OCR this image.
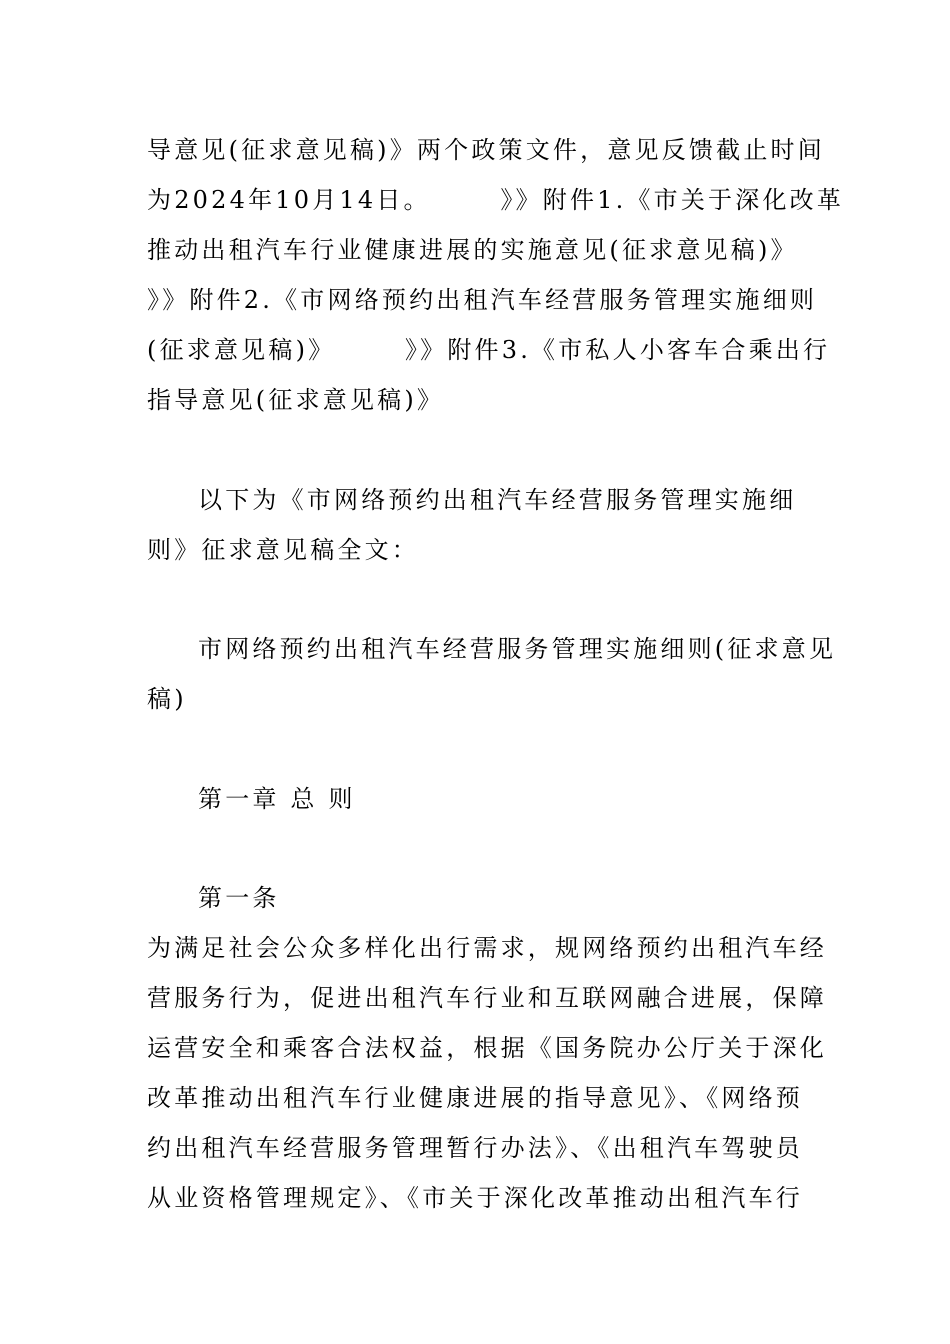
导意见(征求意见稿)》两个政策文件，意见反馈截止时间
为2024年10月14日。　　　》》附件1.《市关于深化改革
推动出租汽车行业健康进展的实施意见(征求意见稿)》
》》附件2.《市网络预约出租汽车经营服务管理实施细则
(征求意见稿)》　　　》》附件3.《市私人小客车合乘出行
指导意见(征求意见稿)》
以下为《市网络预约出租汽车经营服务管理实施细
则》征求意见稿全文：
市网络预约出租汽车经营服务管理实施细则(征求意见
稿)
第一章 总 则
第一条
为满足社会公众多样化出行需求，规网络预约出租汽车经
营服务行为，促进出租汽车行业和互联网融合进展，保障
运营安全和乘客合法权益，根据《国务院办公厅关于深化
改革推动出租汽车行业健康进展的指导意见》、《网络预
约出租汽车经营服务管理暂行办法》、《出租汽车驾驶员
从业资格管理规定》、《市关于深化改革推动出租汽车行
